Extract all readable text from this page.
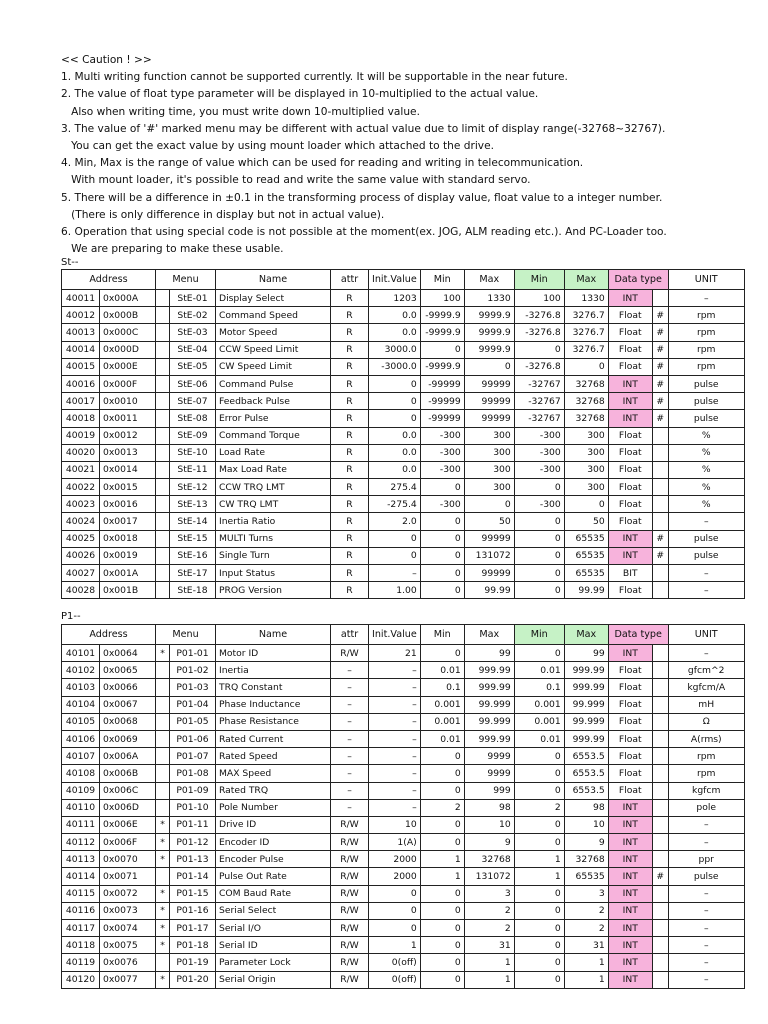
<< Caution ! >>
1. Multi writing function cannot be supported currently. It will be supportable in the near future.
2. The value of float type parameter will be displayed in 10-multiplied to the actual value.
Also when writing time, you must write down 10-multiplied value.
3. The value of '#' marked menu may be different with actual value due to limit of display range(-32768~32767).
You can get the exact value by using mount loader which attached to the drive.
4. Min, Max is the range of value which can be used for reading and writing in telecommunication.
With mount loader, it's possible to read and write the same value with standard servo.
5. There will be a difference in ±0.1 in the transforming process of display value, float value to a integer number.
(There is only difference in display but not in actual value).
6. Operation that using special code is not possible at the moment(ex. JOG, ALM reading etc.). And PC-Loader too.
We are preparing to make these usable.
St--
Address		Menu		Name	attr	Init.Value	Min	Max	Min	Max	Data type		UNIT
40011	0x000A		StE-01	Display Select	R	1203	100	1330	100	1330	INT		–
40012	0x000B		StE-02	Command Speed	R	0.0	-9999.9	9999.9	-3276.8	3276.7	Float	#	rpm
40013	0x000C		StE-03	Motor Speed	R	0.0	-9999.9	9999.9	-3276.8	3276.7	Float	#	rpm
40014	0x000D		StE-04	CCW Speed Limit	R	3000.0	0	9999.9	0	3276.7	Float	#	rpm
40015	0x000E		StE-05	CW Speed Limit	R	-3000.0	-9999.9	0	-3276.8	0	Float	#	rpm
40016	0x000F		StE-06	Command Pulse	R	0	-99999	99999	-32767	32768	INT	#	pulse
40017	0x0010		StE-07	Feedback Pulse	R	0	-99999	99999	-32767	32768	INT	#	pulse
40018	0x0011		StE-08	Error Pulse	R	0	-99999	99999	-32767	32768	INT	#	pulse
40019	0x0012		StE-09	Command Torque	R	0.0	-300	300	-300	300	Float		%
40020	0x0013		StE-10	Load Rate	R	0.0	-300	300	-300	300	Float		%
40021	0x0014		StE-11	Max Load Rate	R	0.0	-300	300	-300	300	Float		%
40022	0x0015		StE-12	CCW TRQ LMT	R	275.4	0	300	0	300	Float		%
40023	0x0016		StE-13	CW TRQ LMT	R	-275.4	-300	0	-300	0	Float		%
40024	0x0017		StE-14	Inertia Ratio	R	2.0	0	50	0	50	Float		–
40025	0x0018		StE-15	MULTI Turns	R	0	0	99999	0	65535	INT	#	pulse
40026	0x0019		StE-16	Single Turn	R	0	0	131072	0	65535	INT	#	pulse
40027	0x001A		StE-17	Input Status	R	–	0	99999	0	65535	BIT		–
40028	0x001B		StE-18	PROG Version	R	1.00	0	99.99	0	99.99	Float		–
P1--
Address		Menu		Name	attr	Init.Value	Min	Max	Min	Max	Data type		UNIT
40101	0x0064	*	P01-01	Motor ID	R/W	21	0	99	0	99	INT		–
40102	0x0065		P01-02	Inertia	–	–	0.01	999.99	0.01	999.99	Float		gfcm^2
40103	0x0066		P01-03	TRQ Constant	–	–	0.1	999.99	0.1	999.99	Float		kgfcm/A
40104	0x0067		P01-04	Phase Inductance	–	–	0.001	99.999	0.001	99.999	Float		mH
40105	0x0068		P01-05	Phase Resistance	–	–	0.001	99.999	0.001	99.999	Float		Ω
40106	0x0069		P01-06	Rated Current	–	–	0.01	999.99	0.01	999.99	Float		A(rms)
40107	0x006A		P01-07	Rated Speed	–	–	0	9999	0	6553.5	Float		rpm
40108	0x006B		P01-08	MAX Speed	–	–	0	9999	0	6553.5	Float		rpm
40109	0x006C		P01-09	Rated TRQ	–	–	0	999	0	6553.5	Float		kgfcm
40110	0x006D		P01-10	Pole Number	–	–	2	98	2	98	INT		pole
40111	0x006E	*	P01-11	Drive ID	R/W	10	0	10	0	10	INT		–
40112	0x006F	*	P01-12	Encoder ID	R/W	1(A)	0	9	0	9	INT		–
40113	0x0070	*	P01-13	Encoder Pulse	R/W	2000	1	32768	1	32768	INT		ppr
40114	0x0071		P01-14	Pulse Out Rate	R/W	2000	1	131072	1	65535	INT	#	pulse
40115	0x0072	*	P01-15	COM Baud Rate	R/W	0	0	3	0	3	INT		–
40116	0x0073	*	P01-16	Serial Select	R/W	0	0	2	0	2	INT		–
40117	0x0074	*	P01-17	Serial I/O	R/W	0	0	2	0	2	INT		–
40118	0x0075	*	P01-18	Serial ID	R/W	1	0	31	0	31	INT		–
40119	0x0076		P01-19	Parameter Lock	R/W	0(off)	0	1	0	1	INT		–
40120	0x0077	*	P01-20	Serial Origin	R/W	0(off)	0	1	0	1	INT		–
